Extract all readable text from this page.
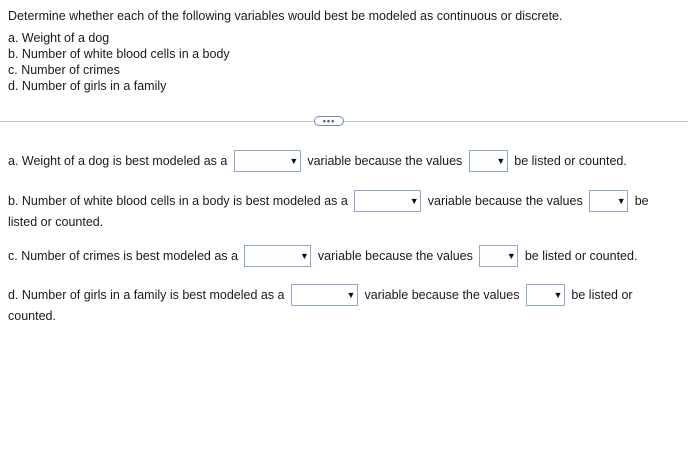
Determine whether each of the following variables would best be modeled as continuous or discrete.
a. Weight of a dog
b. Number of white blood cells in a body
c. Number of crimes
d. Number of girls in a family
•••
a. Weight of a dog is best modeled as a	▼ variable because the values	▼ be listed or counted.
b. Number of white blood cells in a body is best modeled as a	▼ variable because the values	▼ be
listed or counted.
c. Number of crimes is best modeled as a	▼ variable because the values	▼ be listed or counted.
d. Number of girls in a family is best modeled as a	▼ variable because the values	▼ be listed or
counted.
